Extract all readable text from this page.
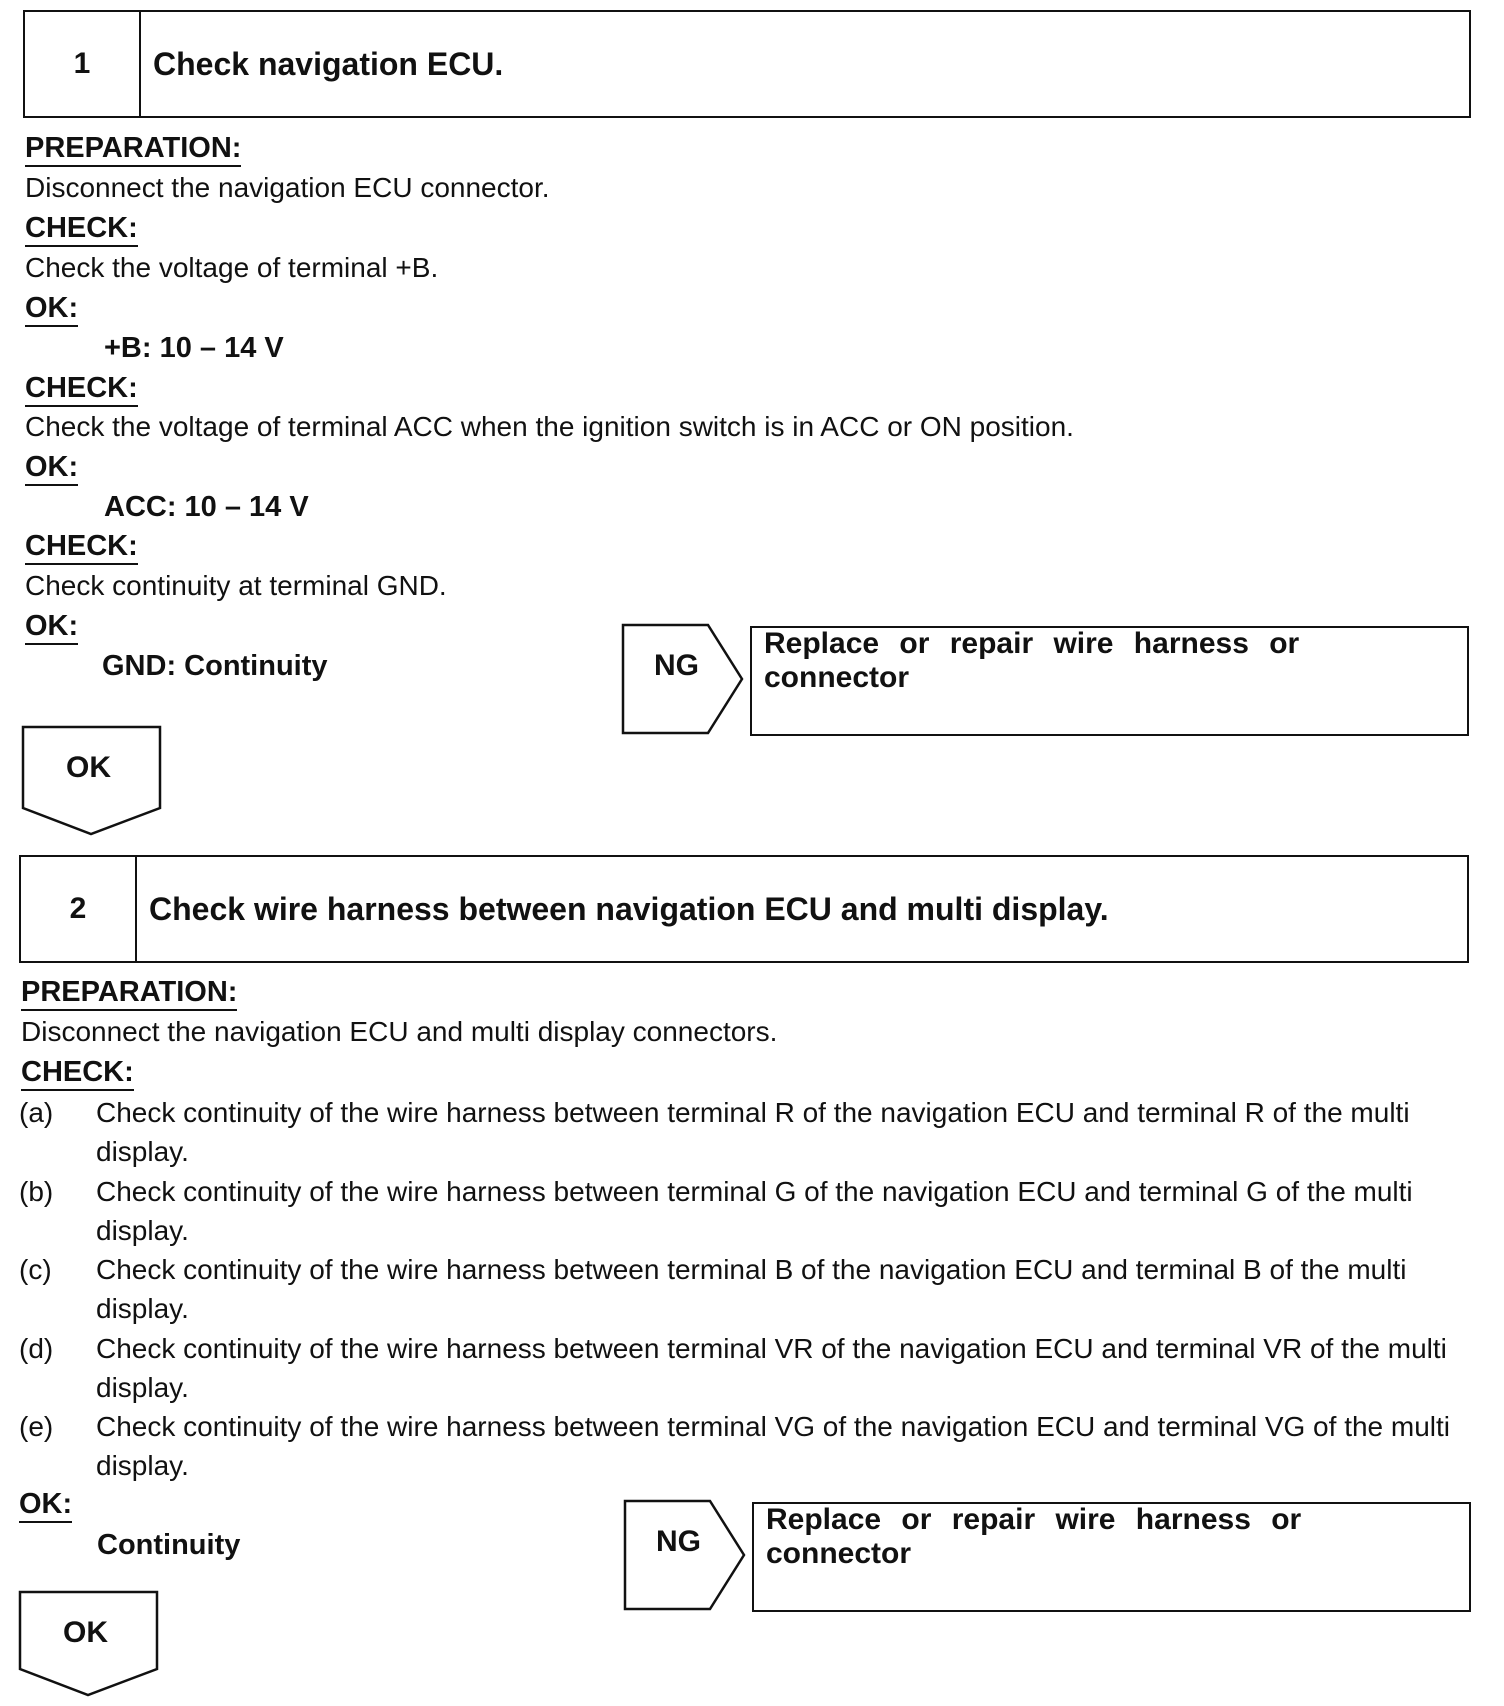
1	Check navigation ECU.
PREPARATION:
Disconnect the navigation ECU connector.
CHECK:
Check the voltage of terminal +B.
OK:
+B: 10 – 14 V
CHECK:
Check the voltage of terminal ACC when the ignition switch is in ACC or ON position.
OK:
ACC: 10 – 14 V
CHECK:
Check continuity at terminal GND.
OK:
GND: Continuity	NG
Replace or repair wire harness or connector
OK
2	Check wire harness between navigation ECU and multi display.
PREPARATION:
Disconnect the navigation ECU and multi display connectors.
CHECK:
(a) Check continuity of the wire harness between terminal R of the navigation ECU and terminal R of the multi display.
(b) Check continuity of the wire harness between terminal G of the navigation ECU and terminal G of the multi display.
(c) Check continuity of the wire harness between terminal B of the navigation ECU and terminal B of the multi display.
(d) Check continuity of the wire harness between terminal VR of the navigation ECU and terminal VR of the multi display.
(e) Check continuity of the wire harness between terminal VG of the navigation ECU and terminal VG of the multi display.
OK:
Continuity	NG
Replace or repair wire harness or connector
OK
